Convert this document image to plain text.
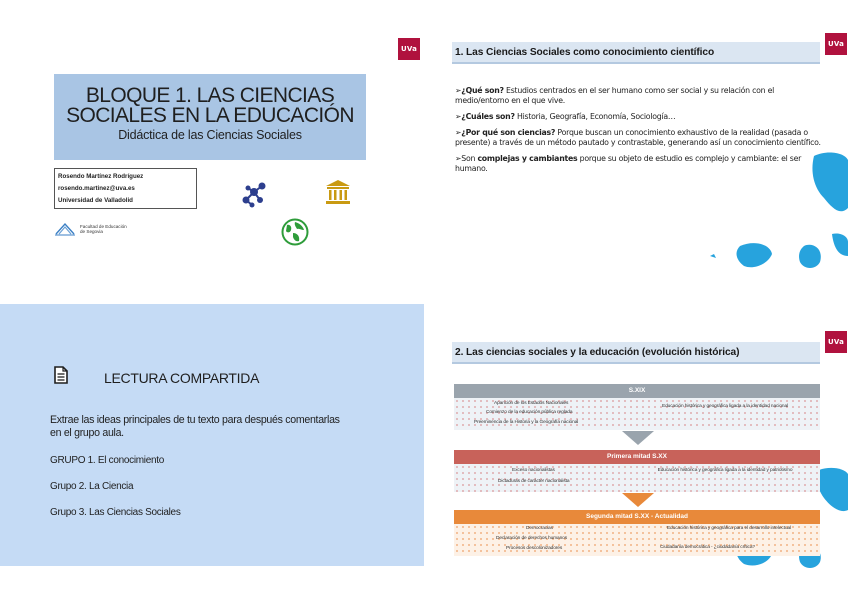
UVa
BLOQUE 1. LAS CIENCIAS
SOCIALES EN LA EDUCACIÓN
Didáctica de las Ciencias Sociales
Rosendo Martínez Rodríguez
rosendo.martinez@uva.es
Universidad de Valladolid
Facultad de Educación
de Segovia
UVa
1. Las Ciencias Sociales como conocimiento científico
➢¿Qué son? Estudios centrados en el ser humano como ser social y su relación con el medio/entorno en el que vive.
➢¿Cuáles son? Historia, Geografía, Economía, Sociología…
➢¿Por qué son ciencias? Porque buscan un conocimiento exhaustivo de la realidad (pasada o presente) a través de un método pautado y contrastable, generando así un conocimiento científico.
➢Son complejas y cambiantes porque su objeto de estudio es complejo y cambiante: el ser humano.
LECTURA COMPARTIDA
Extrae las ideas principales de tu texto para después comentarlas en el grupo aula.
GRUPO 1. El conocimiento
Grupo 2. La Ciencia
Grupo 3. Las Ciencias Sociales
UVa
2. Las ciencias sociales y la educación (evolución histórica)
S.XIX
Aparición de los Estados Nacionales
Comienzo de la educación pública reglada
Preeminencia de la Historia y la Geografía nacional
Educación histórica y geográfica ligada a la identidad nacional
Primera mitad S.XX
Exceso nacionalistas
Dictaduras de carácter nacionalista
Educación histórica y geográfica ligada a la identidad y patriotismo
Segunda mitad S.XX - Actualidad
Democracias
Declaración de derechos humanos
Procesos descolonizadores
Educación histórica y geográfica para el desarrollo intelectual
Ciudadanía democrática - ¿ciudadanía crítica?
